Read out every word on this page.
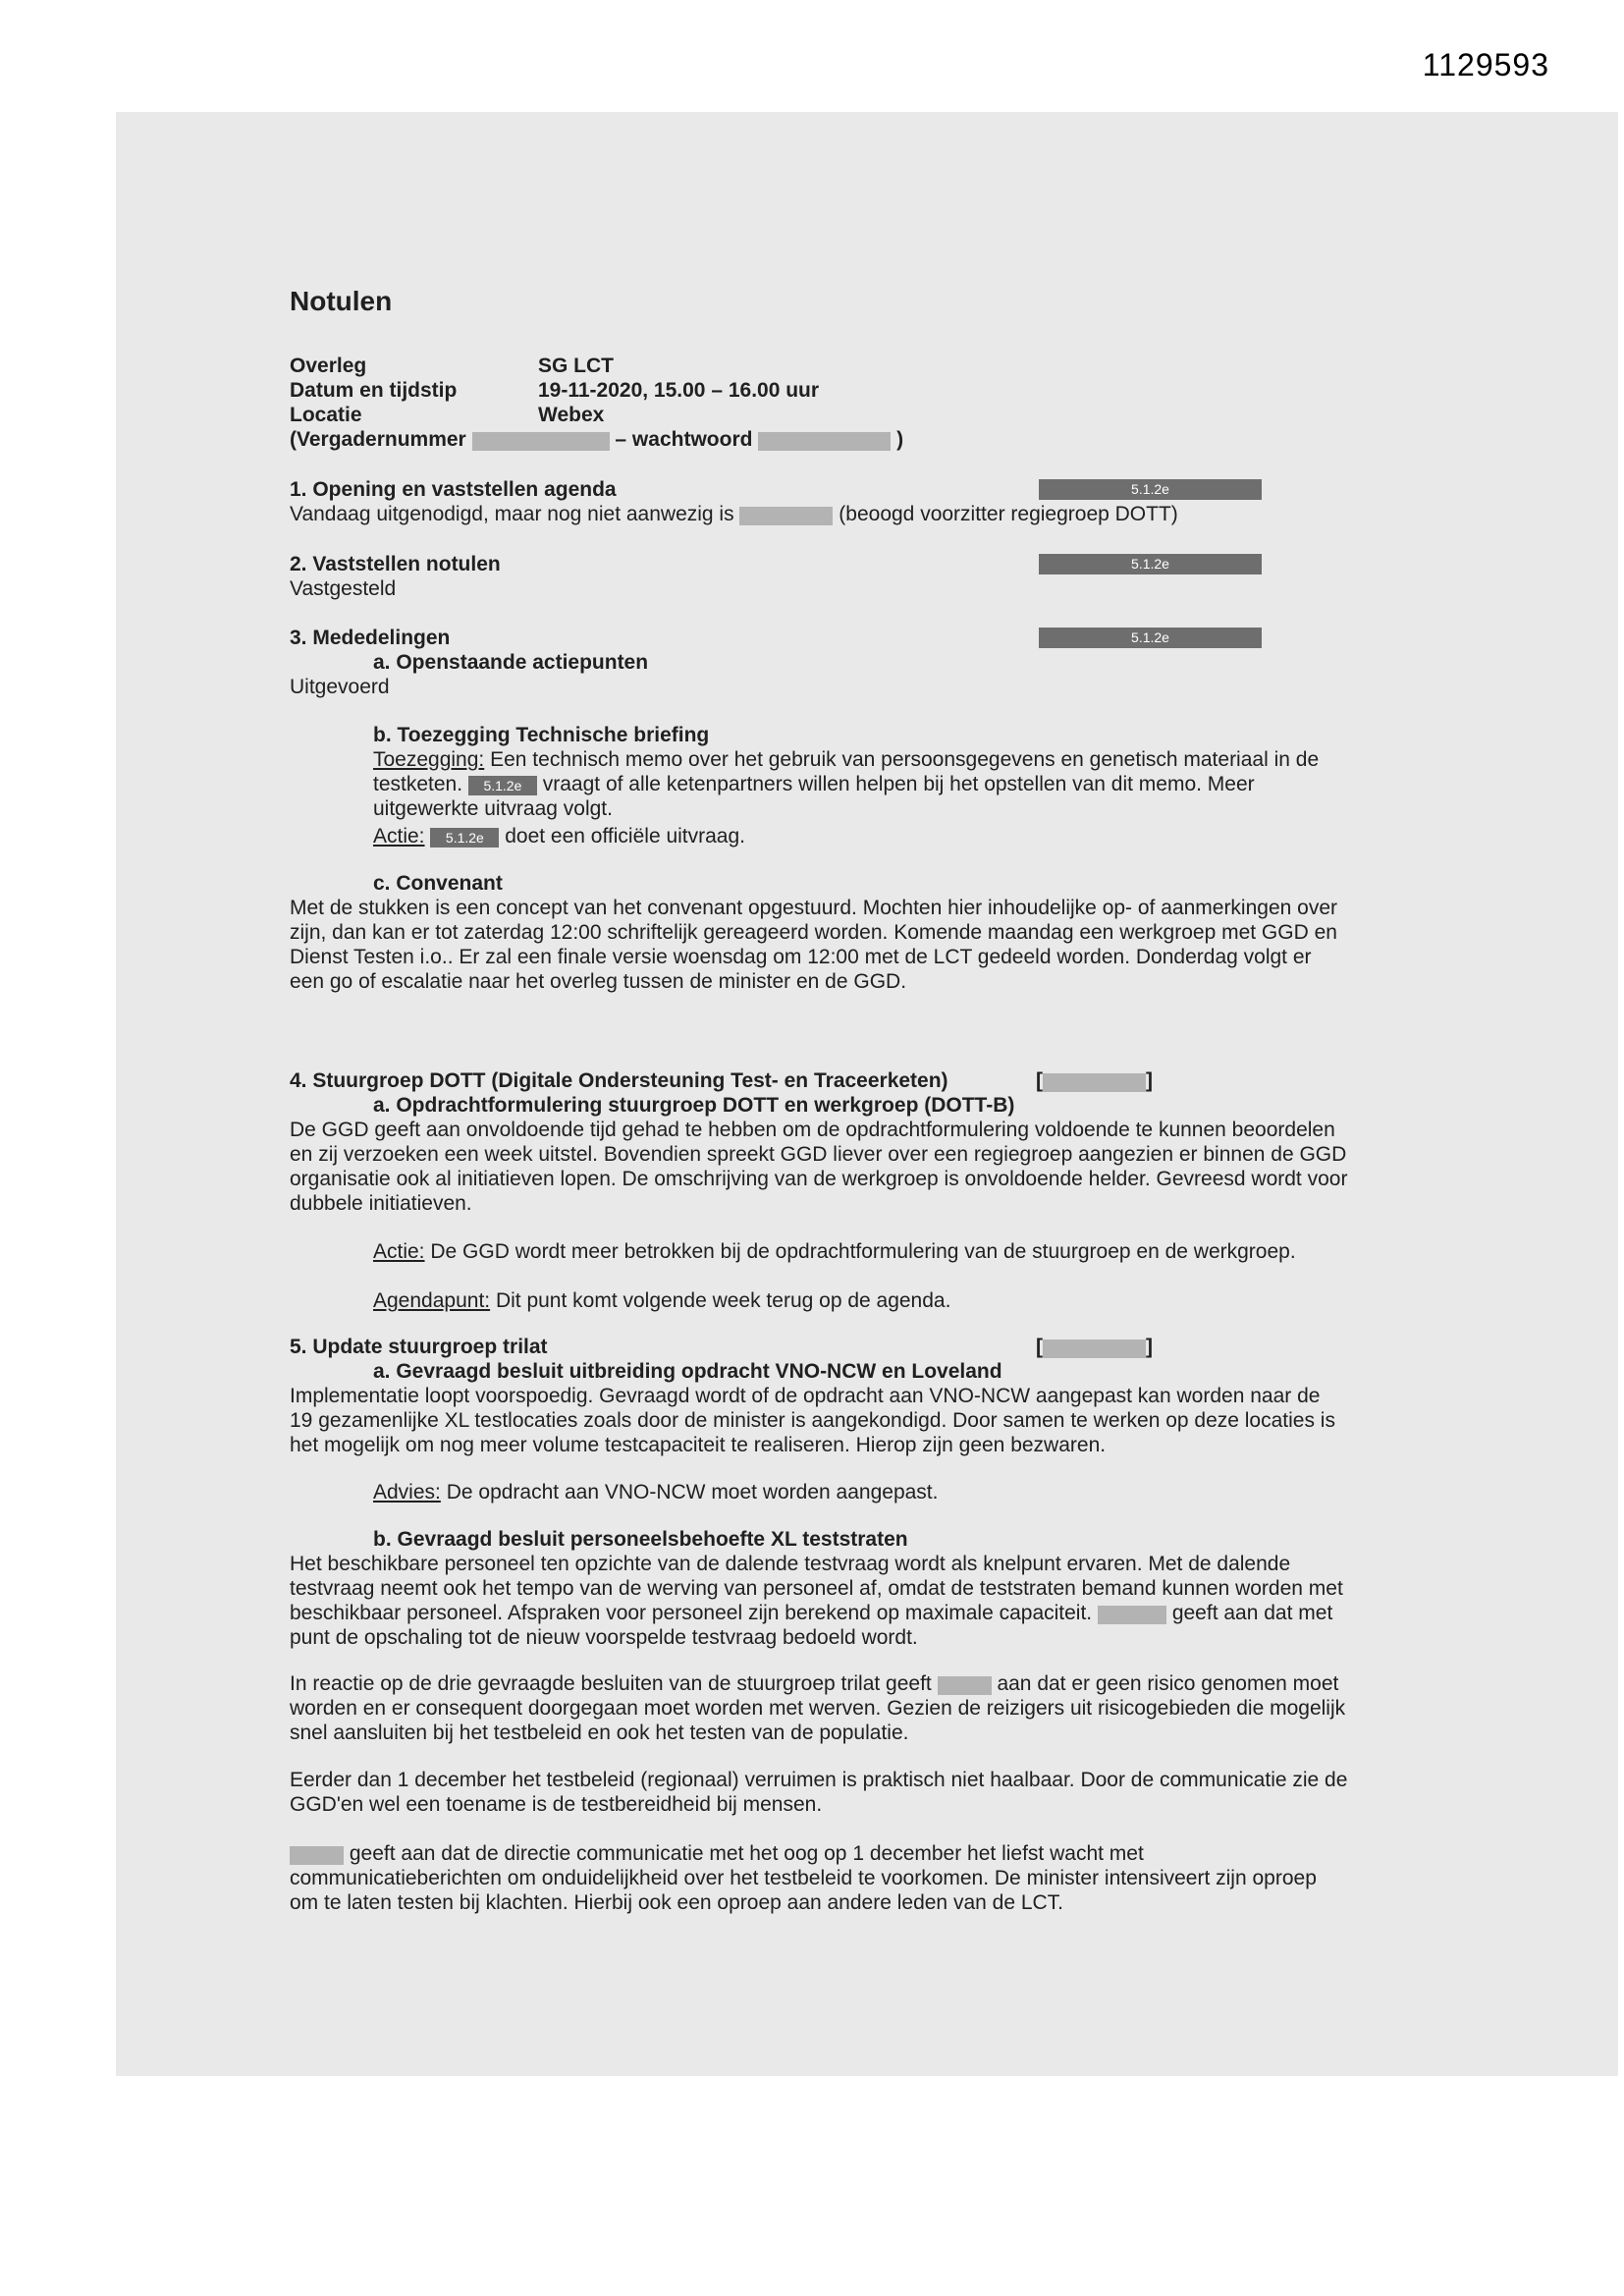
1129593
Notulen
Overleg	SG LCT
Datum en tijdstip	19-11-2020, 15.00 – 16.00 uur
Locatie	Webex
(Vergadernummer	– wachtwoord	)
1. Opening en vaststellen agenda	5.1.2e
Vandaag uitgenodigd, maar nog niet aanwezig is	(beoogd voorzitter regiegroep DOTT)
2. Vaststellen notulen	5.1.2e
Vastgesteld
3. Mededelingen	5.1.2e
a. Openstaande actiepunten
Uitgevoerd
b. Toezegging Technische briefing
Toezegging: Een technisch memo over het gebruik van persoonsgegevens en genetisch materiaal in de testketen. 5.1.2e vraagt of alle ketenpartners willen helpen bij het opstellen van dit memo. Meer uitgewerkte uitvraag volgt.
Actie: 5.1.2e doet een officiële uitvraag.
c. Convenant
Met de stukken is een concept van het convenant opgestuurd. Mochten hier inhoudelijke op- of aanmerkingen over zijn, dan kan er tot zaterdag 12:00 schriftelijk gereageerd worden. Komende maandag een werkgroep met GGD en Dienst Testen i.o.. Er zal een finale versie woensdag om 12:00 met de LCT gedeeld worden. Donderdag volgt er een go of escalatie naar het overleg tussen de minister en de GGD.
4. Stuurgroep DOTT (Digitale Ondersteuning Test- en Traceerketen)	[	]
a. Opdrachtformulering stuurgroep DOTT en werkgroep (DOTT-B)
De GGD geeft aan onvoldoende tijd gehad te hebben om de opdrachtformulering voldoende te kunnen beoordelen en zij verzoeken een week uitstel. Bovendien spreekt GGD liever over een regiegroep aangezien er binnen de GGD organisatie ook al initiatieven lopen. De omschrijving van de werkgroep is onvoldoende helder. Gevreesd wordt voor dubbele initiatieven.
Actie: De GGD wordt meer betrokken bij de opdrachtformulering van de stuurgroep en de werkgroep.
Agendapunt: Dit punt komt volgende week terug op de agenda.
5. Update stuurgroep trilat	[	]
a. Gevraagd besluit uitbreiding opdracht VNO-NCW en Loveland
Implementatie loopt voorspoedig. Gevraagd wordt of de opdracht aan VNO-NCW aangepast kan worden naar de 19 gezamenlijke XL testlocaties zoals door de minister is aangekondigd. Door samen te werken op deze locaties is het mogelijk om nog meer volume testcapaciteit te realiseren. Hierop zijn geen bezwaren.
Advies: De opdracht aan VNO-NCW moet worden aangepast.
b. Gevraagd besluit personeelsbehoefte XL teststraten
Het beschikbare personeel ten opzichte van de dalende testvraag wordt als knelpunt ervaren. Met de dalende testvraag neemt ook het tempo van de werving van personeel af, omdat de teststraten bemand kunnen worden met beschikbaar personeel. Afspraken voor personeel zijn berekend op maximale capaciteit.	geeft aan dat met punt de opschaling tot de nieuw voorspelde testvraag bedoeld wordt.
In reactie op de drie gevraagde besluiten van de stuurgroep trilat geeft	aan dat er geen risico genomen moet worden en er consequent doorgegaan moet worden met werven. Gezien de reizigers uit risicogebieden die mogelijk snel aansluiten bij het testbeleid en ook het testen van de populatie.
Eerder dan 1 december het testbeleid (regionaal) verruimen is praktisch niet haalbaar. Door de communicatie zie de GGD'en wel een toename is de testbereidheid bij mensen.
geeft aan dat de directie communicatie met het oog op 1 december het liefst wacht met communicatieberichten om onduidelijkheid over het testbeleid te voorkomen. De minister intensiveert zijn oproep om te laten testen bij klachten. Hierbij ook een oproep aan andere leden van de LCT.
